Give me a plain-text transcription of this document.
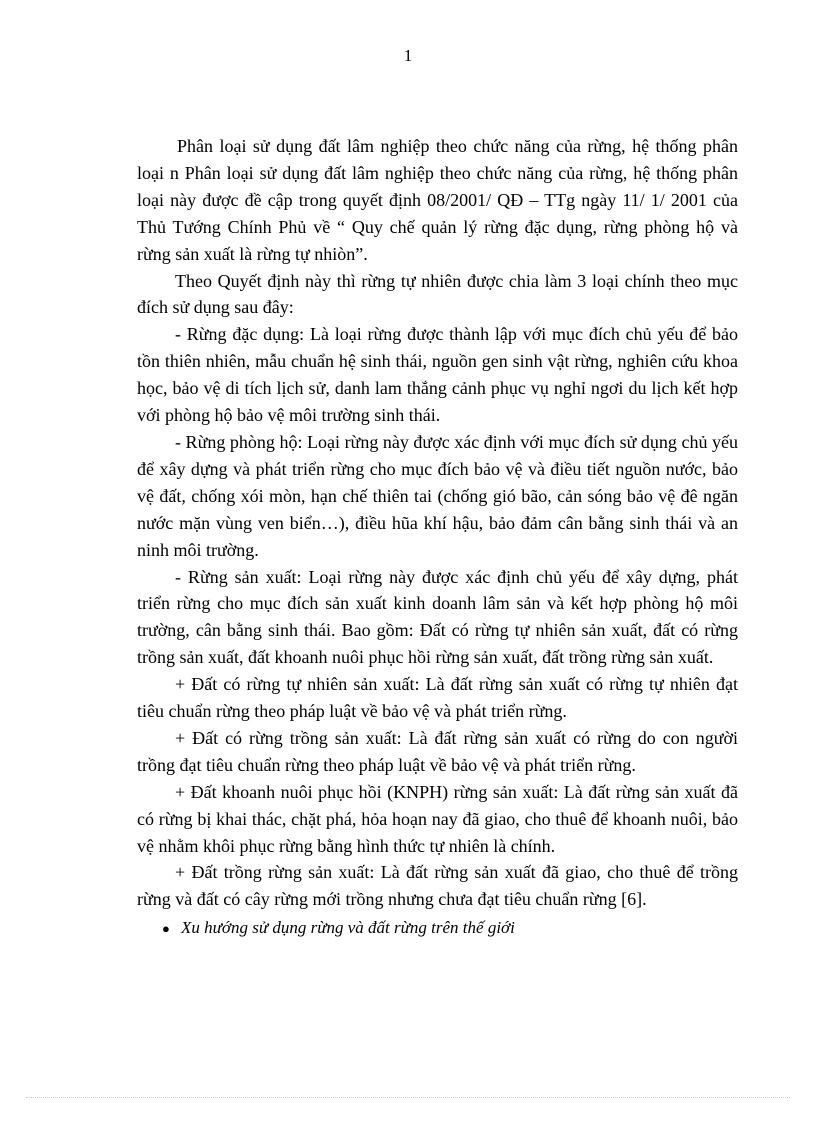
1

Phân loại sử dụng đất lâm nghiệp theo chức năng của rừng, hệ thống phân loại n Phân loại sử dụng đất lâm nghiệp theo chức năng của rừng, hệ thống phân loại này được đề cập trong quyết định 08/2001/ QĐ – TTg ngày 11/ 1/ 2001 của Thủ Tướng Chính Phủ về “ Quy chế quản lý rừng đặc dụng, rừng phòng hộ và rừng sản xuất là rừng tự nhiòn”.

Theo Quyết định này thì rừng tự nhiên được chia làm 3 loại chính theo mục đích sử dụng sau đây:

- Rừng đặc dụng: Là loại rừng được thành lập với mục đích chủ yếu để bảo tồn thiên nhiên, mẫu chuẩn hệ sinh thái, nguồn gen sinh vật rừng, nghiên cứu khoa học, bảo vệ di tích lịch sử, danh lam thắng cảnh phục vụ nghỉ ngơi du lịch kết hợp với phòng hộ bảo vệ môi trường sinh thái.

- Rừng phòng hộ: Loại rừng này được xác định với mục đích sử dụng chủ yếu để xây dựng và phát triển rừng cho mục đích bảo vệ và điều tiết nguồn nước, bảo vệ đất, chống xói mòn, hạn chế thiên tai (chống gió bão, cản sóng bảo vệ đê ngăn nước mặn vùng ven biển…), điều hũa khí hậu, bảo đảm cân bằng sinh thái và an ninh môi trường.

- Rừng sản xuất: Loại rừng này được xác định chủ yếu để xây dựng, phát triển rừng cho mục đích sản xuất kinh doanh lâm sản và kết hợp phòng hộ môi trường, cân bằng sinh thái. Bao gồm: Đất có rừng tự nhiên sản xuất, đất có rừng trồng sản xuất, đất khoanh nuôi phục hồi rừng sản xuất, đất trồng rừng sản xuất.

+ Đất có rừng tự nhiên sản xuất: Là đất rừng sản xuất có rừng tự nhiên đạt tiêu chuẩn rừng theo pháp luật về bảo vệ và phát triển rừng.

+ Đất có rừng trồng sản xuất: Là đất rừng sản xuất có rừng do con người trồng đạt tiêu chuẩn rừng theo pháp luật về bảo vệ và phát triển rừng.

+ Đất khoanh nuôi phục hồi (KNPH) rừng sản xuất: Là đất rừng sản xuất đã có rừng bị khai thác, chặt phá, hỏa hoạn nay đã giao, cho thuê để khoanh nuôi, bảo vệ nhằm khôi phục rừng bằng hình thức tự nhiên là chính.

+ Đất trồng rừng sản xuất: Là đất rừng sản xuất đã giao, cho thuê để trồng rừng và đất có cây rừng mới trồng nhưng chưa đạt tiêu chuẩn rừng [6].

● Xu hướng sử dụng rừng và đất rừng trên thế giới
